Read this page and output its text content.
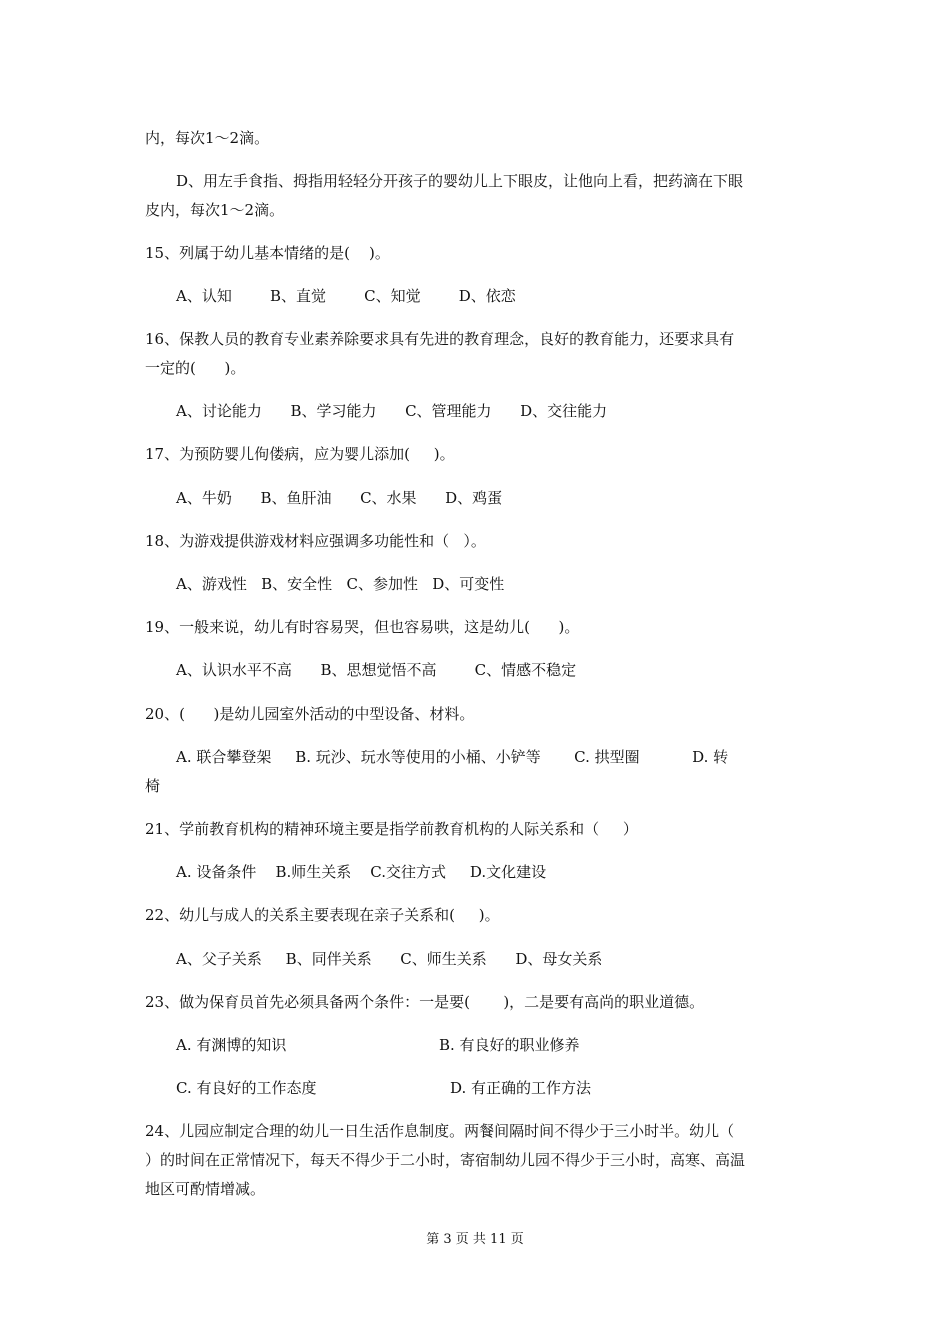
内，每次1～2滴。
D、用左手食指、拇指用轻轻分开孩子的婴幼儿上下眼皮，让他向上看，把药滴在下眼
皮内，每次1～2滴。
15、列属于幼儿基本情绪的是(    )。
A、认知        B、直觉        C、知觉        D、依恋
16、保教人员的教育专业素养除要求具有先进的教育理念，良好的教育能力，还要求具有
一定的(      )。
A、讨论能力      B、学习能力      C、管理能力      D、交往能力
17、为预防婴儿佝偻病，应为婴儿添加(     )。
A、牛奶      B、鱼肝油      C、水果      D、鸡蛋
18、为游戏提供游戏材料应强调多功能性和（   ）。
A、游戏性   B、安全性   C、参加性   D、可变性
19、一般来说，幼儿有时容易哭，但也容易哄，这是幼儿(      )。
A、认识水平不高      B、思想觉悟不高        C、情感不稳定
20、(      )是幼儿园室外活动的中型设备、材料。
A. 联合攀登架     B. 玩沙、玩水等使用的小桶、小铲等       C. 拱型圈           D. 转
椅
21、学前教育机构的精神环境主要是指学前教育机构的人际关系和（     ）
A. 设备条件    B.师生关系    C.交往方式     D.文化建设
22、幼儿与成人的关系主要表现在亲子关系和(     )。
A、父子关系     B、同伴关系      C、师生关系      D、母女关系
23、做为保育员首先必须具备两个条件：一是要(       )，二是要有高尚的职业道德。
A. 有渊博的知识                                B. 有良好的职业修养
C. 有良好的工作态度                            D. 有正确的工作方法
24、儿园应制定合理的幼儿一日生活作息制度。两餐间隔时间不得少于三小时半。幼儿（
）的时间在正常情况下，每天不得少于二小时，寄宿制幼儿园不得少于三小时，高寒、高温
地区可酌情增减。
第 3 页 共 11 页
